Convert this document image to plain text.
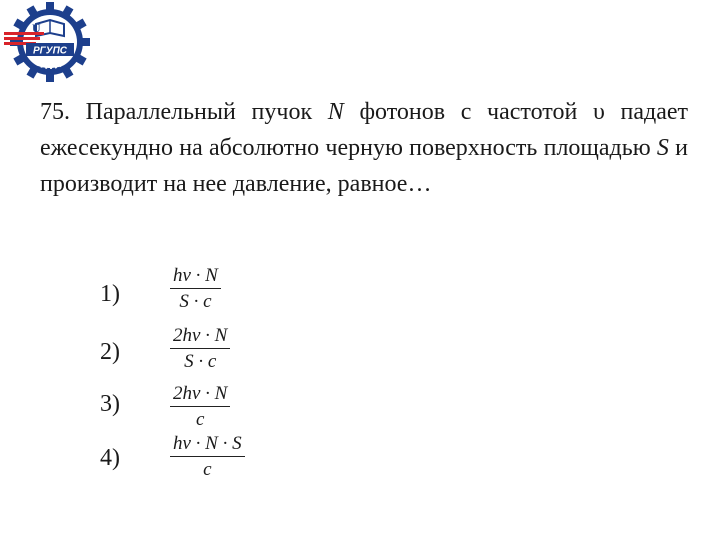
РГУПС
U

75. Параллельный пучок N фотонов с частотой υ падает ежесекундно на абсолютно черную поверхность площадью S и производит на нее давление, равное…

1)
hν · N
S · c
2)
2hν · N
S · c
3)	2hν · N
c
4)
hν · N · S
c
